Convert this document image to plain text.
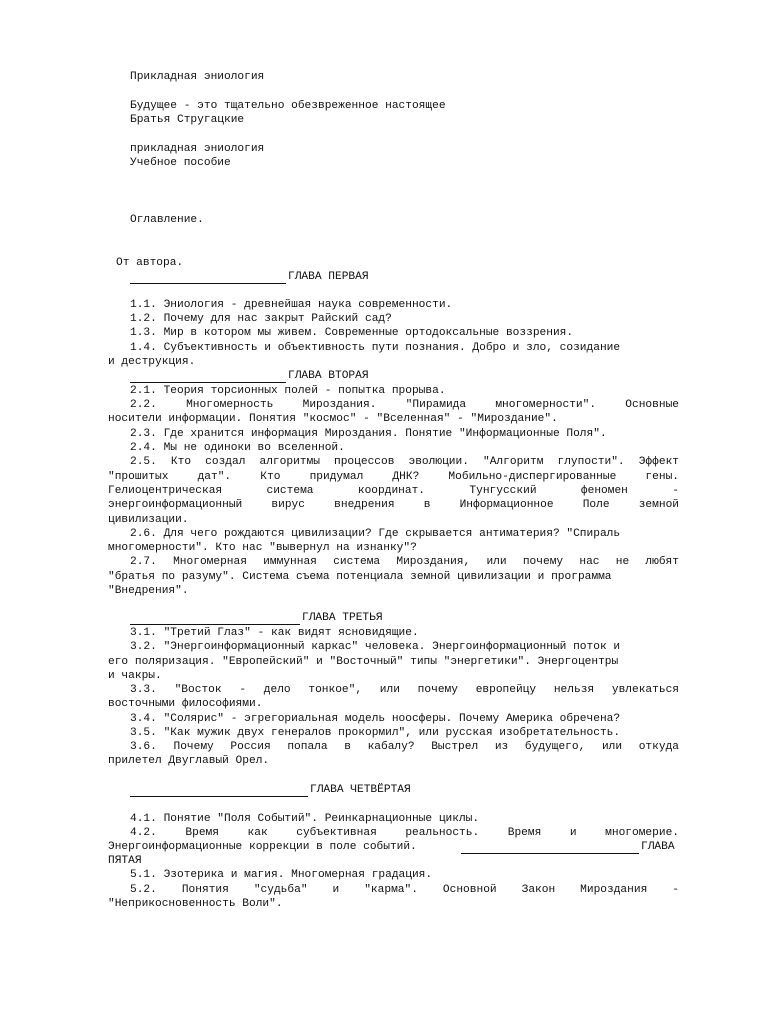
Прикладная эниология
Будущее - это тщательно обезвреженное настоящее
Братья Стругацкие
прикладная эниология
Учебное пособие
Оглавление.
От автора.
ГЛАВА ПЕРВАЯ
1.1. Эниология - древнейшая наука современности.
1.2. Почему для нас закрыт Райский сад?
1.3. Мир в котором мы живем. Современные ортодоксальные воззрения.
1.4. Субъективность и объективность пути познания. Добро и зло, созидание
и деструкция.
ГЛАВА ВТОРАЯ
2.1. Теория торсионных полей - попытка прорыва.
2.2. Многомерность Мироздания. "Пирамида многомерности". Основные
носители информации. Понятия "космос" - "Вселенная" - "Мироздание".
2.3. Где хранится информация Мироздания. Понятие "Информационные Поля".
2.4. Мы не одиноки во вселенной.
2.5. Кто создал алгоритмы процессов эволюции. "Алгоритм глупости". Эффект
"прошитых дат". Кто придумал ДНК? Мобильно-диспергированные гены.
Гелиоцентрическая система координат. Тунгусский феномен -
энергоинформационный вирус внедрения в Информационное Поле земной
цивилизации.
2.6. Для чего рождаются цивилизации? Где скрывается антиматерия? "Спираль
многомерности". Кто нас "вывернул на изнанку"?
2.7. Многомерная иммунная система Мироздания, или почему нас не любят
"братья по разуму". Система съема потенциала земной цивилизации и программа
"Внедрения".
ГЛАВА ТРЕТЬЯ
3.1. "Третий Глаз" - как видят ясновидящие.
3.2. "Энергоинформационный каркас" человека. Энергоинформационный поток и
его поляризация. "Европейский" и "Восточный" типы "энергетики". Энергоцентры
и чакры.
3.3. "Восток - дело тонкое", или почему европейцу нельзя увлекаться
восточными философиями.
3.4. "Солярис" - эгрегориальная модель ноосферы. Почему Америка обречена?
3.5. "Как мужик двух генералов прокормил", или русская изобретательность.
3.6. Почему Россия попала в кабалу? Выстрел из будущего, или откуда
прилетел Двуглавый Орел.
ГЛАВА ЧЕТВЁРТАЯ
4.1. Понятие "Поля Событий". Реинкарнационные циклы.
4.2. Время как субъективная реальность. Время и многомерие.
Энергоинформационные коррекции в поле событий.	ГЛАВА
ПЯТАЯ
5.1. Эзотерика и магия. Многомерная градация.
5.2. Понятия "судьба" и "карма". Основной Закон Мироздания -
"Неприкосновенность Воли".
